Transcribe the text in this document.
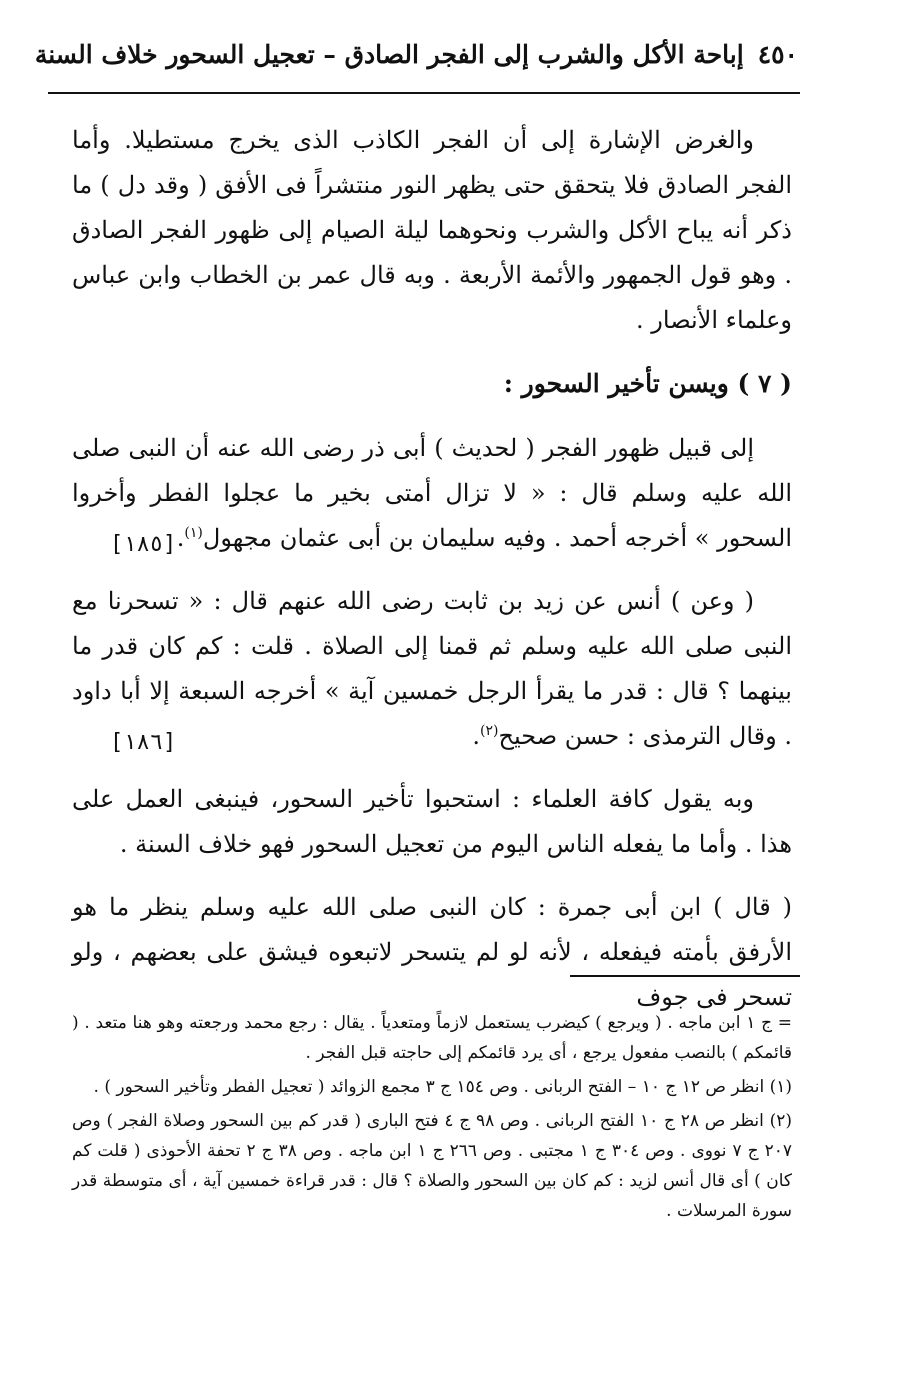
٤٥٠
إباحة الأكل والشرب إلى الفجر الصادق – تعجيل السحور خلاف السنة

والغرض الإشارة إلى أن الفجر الكاذب الذى يخرج مستطيلا. وأما الفجر الصادق فلا يتحقق حتى يظهر النور منتشراً فى الأفق ( وقد دل ) ما ذكر أنه يباح الأكل والشرب ونحوهما ليلة الصيام إلى ظهور الفجر الصادق . وهو قول الجمهور والأئمة الأربعة . وبه قال عمر بن الخطاب وابن عباس وعلماء الأنصار .

( ٧ ) ويسن تأخير السحور :

إلى قبيل ظهور الفجر ( لحديث ) أبى ذر رضى الله عنه أن النبى صلى الله عليه وسلم قال : « لا تزال أمتى بخير ما عجلوا الفطر وأخروا السحور » أخرجه أحمد . وفيه سليمان بن أبى عثمان مجهول$^{(١)}$.
[١٨٥]

( وعن ) أنس عن زيد بن ثابت رضى الله عنهم قال : « تسحرنا مع النبى صلى الله عليه وسلم ثم قمنا إلى الصلاة . قلت : كم كان قدر ما بينهما ؟ قال : قدر ما يقرأ الرجل خمسين آية » أخرجه السبعة إلا أبا داود . وقال الترمذى : حسن صحيح$^{(٢)}$.
[١٨٦]

وبه يقول كافة العلماء : استحبوا تأخير السحور، فينبغى العمل على هذا . وأما ما يفعله الناس اليوم من تعجيل السحور فهو خلاف السنة .

( قال ) ابن أبى جمرة : كان النبى صلى الله عليه وسلم ينظر ما هو الأرفق بأمته فيفعله ، لأنه لو لم يتسحر لاتبعوه فيشق على بعضهم ، ولو تسحر فى جوف

= ج ١ ابن ماجه . ( ويرجع ) كيضرب يستعمل لازماً ومتعدياً . يقال : رجع محمد ورجعته وهو هنا متعد . ( قائمكم ) بالنصب مفعول يرجع ، أى يرد قائمكم إلى حاجته قبل الفجر .

(١) انظر ص ١٢ ج ١٠ – الفتح الربانى . وص ١٥٤ ج ٣ مجمع الزوائد ( تعجيل الفطر وتأخير السحور ) .

(٢) انظر ص ٢٨ ج ١٠ الفتح الربانى . وص ٩٨ ج ٤ فتح البارى ( قدر كم بين السحور وصلاة الفجر ) وص ٢٠٧ ج ٧ نووى . وص ٣٠٤ ج ١ مجتبى . وص ٢٦٦ ج ١ ابن ماجه . وص ٣٨ ج ٢ تحفة الأحوذى ( قلت كم كان ) أى قال أنس لزيد : كم كان بين السحور والصلاة ؟ قال : قدر قراءة خمسين آية ، أى متوسطة قدر سورة المرسلات .
